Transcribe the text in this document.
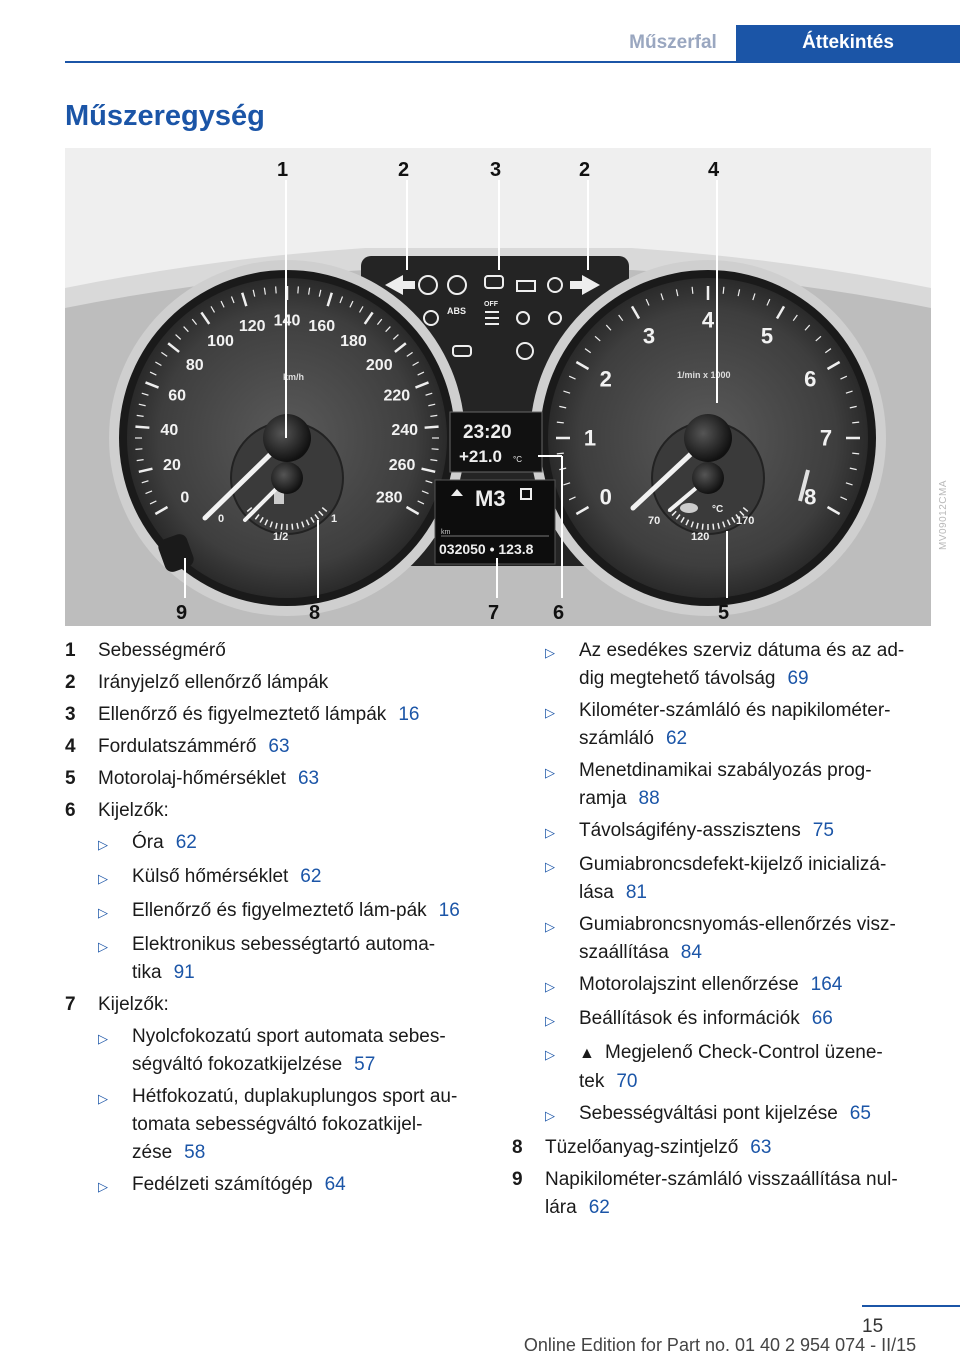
Műszerfal	Áttekintés
Műszeregység
0
20
40
60
80
100
120 140 160
180
200
220
240
260
280
km/h
0
1/2
1
0
1
2
3
4
5
6
7
8
1/min x 1000
70
120
170
°C
OFF
ABS
23:20
+21.0 °C
M3
km
032050 • 123.8
1	2	3	2	4
9	8	7	6	5
MV09012CMA
1	Sebességmérő
2	Irányjelző ellenőrző lámpák
3	Ellenőrző és figyelmeztető lámpák 16
4	Fordulatszámmérő 63
5	Motorolaj-hőmérséklet 63
6	Kijelzők:
▷	Óra 62
▷	Külső hőmérséklet 62
▷	Ellenőrző és figyelmeztető lám-pák 16
▷	Elektronikus sebességtartó automa-tika 91
7	Kijelzők:
▷	Nyolcfokozatú sport automata sebes-ségváltó fokozatkijelzése 57
▷	Hétfokozatú, duplakuplungos sport au-tomata sebességváltó fokozatkijel-zése 58
▷	Fedélzeti számítógép 64
▷	Az esedékes szerviz dátuma és az ad-dig megtehető távolság 69
▷	Kilométer-számláló és napikilométer-számláló 62
▷	Menetdinamikai szabályozás prog-ramja 88
▷	Távolságifény-asszisztens 75
▷	Gumiabroncsdefekt-kijelző inicializá-lása 81
▷	Gumiabroncsnyomás-ellenőrzés visz-szaállítása 84
▷	Motorolajszint ellenőrzése 164
▷	Beállítások és információk 66
▷	▲ Megjelenő Check-Control üzene-tek 70
▷	Sebességváltási pont kijelzése 65
8	Tüzelőanyag-szintjelző 63
9	Napikilométer-számláló visszaállítása nul-lára 62
15
Online Edition for Part no. 01 40 2 954 074 - II/15
